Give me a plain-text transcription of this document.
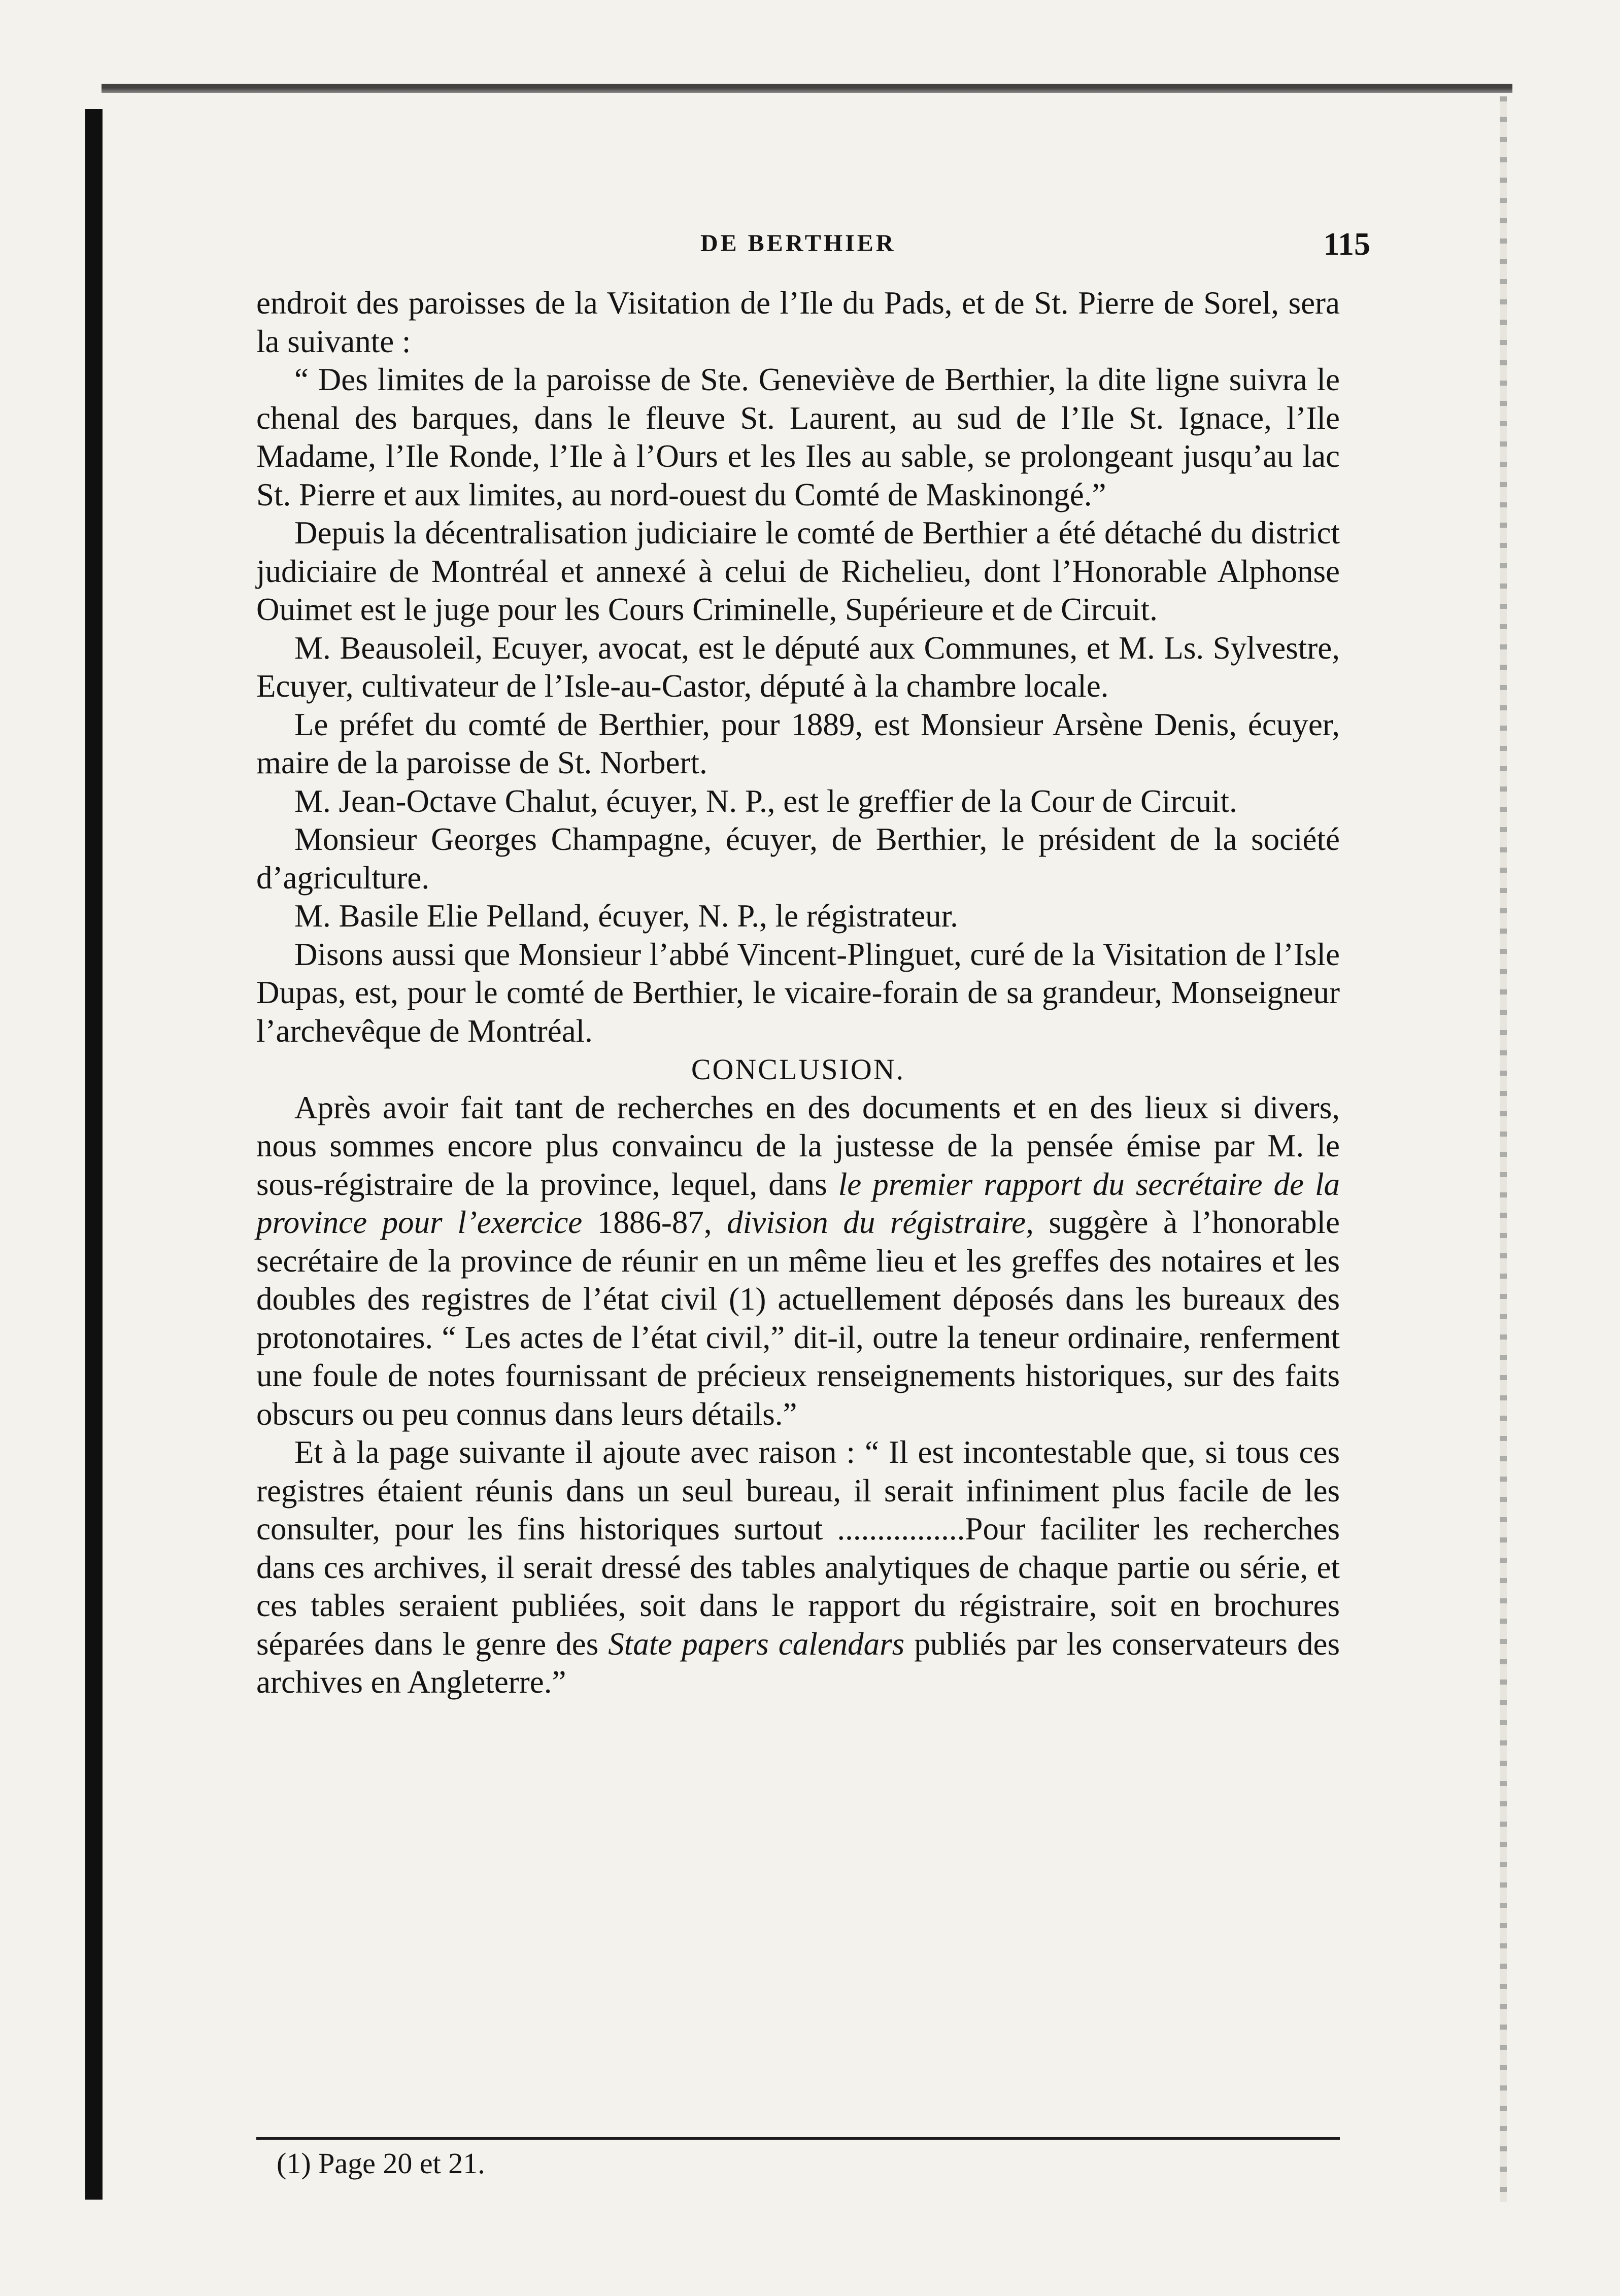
DE BERTHIER	115

endroit des paroisses de la Visitation de l’Ile du Pads, et de St. Pierre de Sorel, sera la suivante :

“ Des limites de la paroisse de Ste. Geneviève de Berthier, la dite ligne suivra le chenal des barques, dans le fleuve St. Laurent, au sud de l’Ile St. Ignace, l’Ile Madame, l’Ile Ronde, l’Ile à l’Ours et les Iles au sable, se prolongeant jusqu’au lac St. Pierre et aux limites, au nord-ouest du Comté de Maskinongé.”

Depuis la décentralisation judiciaire le comté de Berthier a été détaché du district judiciaire de Montréal et annexé à celui de Richelieu, dont l’Honorable Alphonse Ouimet est le juge pour les Cours Criminelle, Supérieure et de Circuit.

M. Beausoleil, Ecuyer, avocat, est le député aux Communes, et M. Ls. Sylvestre, Ecuyer, cultivateur de l’Isle-au-Castor, député à la chambre locale.

Le préfet du comté de Berthier, pour 1889, est Monsieur Arsène Denis, écuyer, maire de la paroisse de St. Norbert.

M. Jean-Octave Chalut, écuyer, N. P., est le greffier de la Cour de Circuit.

Monsieur Georges Champagne, écuyer, de Berthier, le président de la société d’agriculture.

M. Basile Elie Pelland, écuyer, N. P., le régistrateur.

Disons aussi que Monsieur l’abbé Vincent-Plinguet, curé de la Visitation de l’Isle Dupas, est, pour le comté de Berthier, le vicaire-forain de sa grandeur, Monseigneur l’archevêque de Montréal.

CONCLUSION.

Après avoir fait tant de recherches en des documents et en des lieux si divers, nous sommes encore plus convaincu de la justesse de la pensée émise par M. le sous-régistraire de la province, lequel, dans le premier rapport du secrétaire de la province pour l’exercice 1886-87, division du régistraire, suggère à l’honorable secrétaire de la province de réunir en un même lieu et les greffes des notaires et les doubles des registres de l’état civil (1) actuellement déposés dans les bureaux des protonotaires. “ Les actes de l’état civil,” dit-il, outre la teneur ordinaire, renferment une foule de notes fournissant de précieux renseignements historiques, sur des faits obscurs ou peu connus dans leurs détails.”

Et à la page suivante il ajoute avec raison : “ Il est incontestable que, si tous ces registres étaient réunis dans un seul bureau, il serait infiniment plus facile de les consulter, pour les fins historiques surtout ................Pour faciliter les recherches dans ces archives, il serait dressé des tables analytiques de chaque partie ou série, et ces tables seraient publiées, soit dans le rapport du régistraire, soit en brochures séparées dans le genre des State papers calendars publiés par les conservateurs des archives en Angleterre.”

(1) Page 20 et 21.
